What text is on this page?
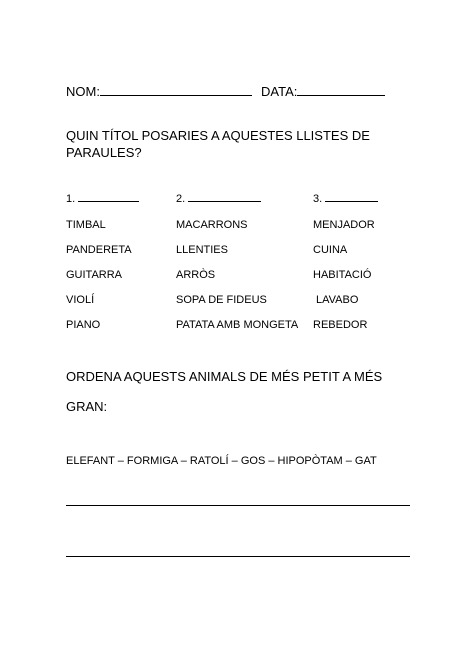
NOM:	DATA:
QUIN TÍTOL POSARIES A AQUESTES LLISTES DE
PARAULES?
1.
TIMBAL
PANDERETA
GUITARRA
VIOLÍ
PIANO
2.
MACARRONS
LLENTIES
ARRÒS
SOPA DE FIDEUS
PATATA AMB MONGETA
3.
MENJADOR
CUINA
HABITACIÓ
LAVABO
REBEDOR
ORDENA AQUESTS ANIMALS DE MÉS PETIT A MÉS
GRAN:
ELEFANT – FORMIGA – RATOLÍ – GOS – HIPOPÒTAM – GAT
